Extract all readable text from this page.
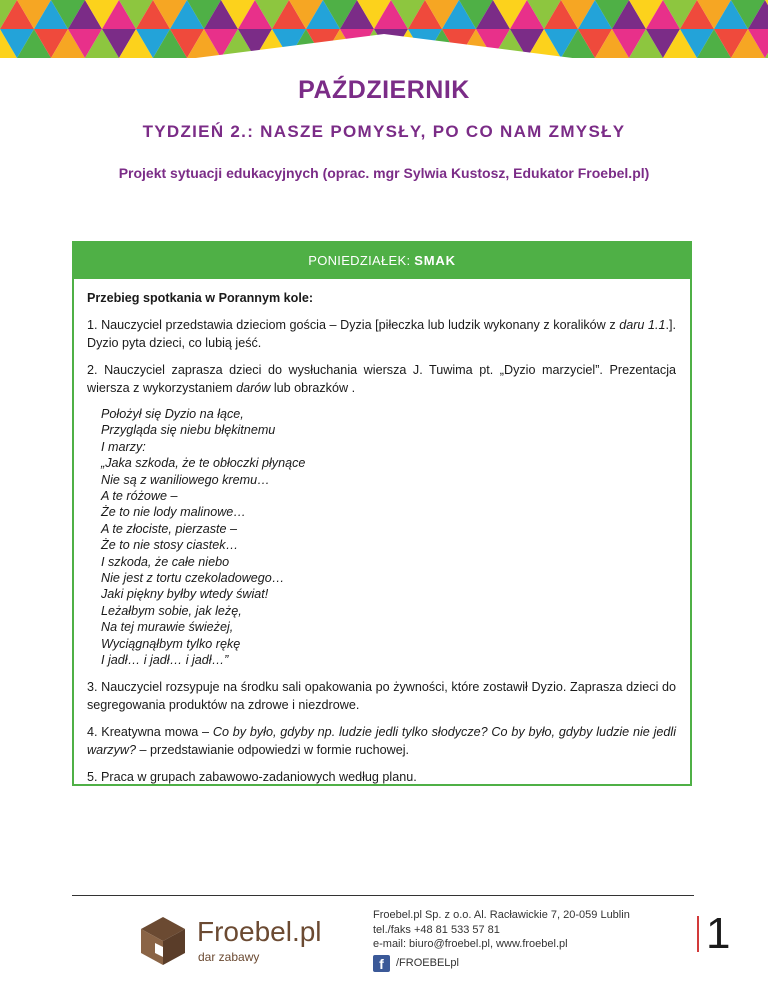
PAŹDZIERNIK
TYDZIEŃ 2.: NASZE POMYSŁY, PO CO NAM ZMYSŁY
Projekt sytuacji edukacyjnych (oprac. mgr Sylwia Kustosz, Edukator Froebel.pl)
PONIEDZIAŁEK: SMAK

Przebieg spotkania w Porannym kole:

1. Nauczyciel przedstawia dzieciom gościa – Dyzia [piłeczka lub ludzik wykonany z koralików z daru 1.1.]. Dyzio pyta dzieci, co lubią jeść.

2. Nauczyciel zaprasza dzieci do wysłuchania wiersza J. Tuwima pt. „Dyzio marzyciel”. Prezentacja wiersza z wykorzystaniem darów lub obrazków .

Położył się Dyzio na łące,
Przygląda się niebu błękitnemu
I marzy:
„Jaka szkoda, że te obłoczki płynące
Nie są z waniliowego kremu…
A te różowe –
Że to nie lody malinowe…
A te złociste, pierzaste –
Że to nie stosy ciastek…
I szkoda, że całe niebo
Nie jest z tortu czekoladowego…
Jaki piękny byłby wtedy świat!
Leżałbym sobie, jak leżę,
Na tej murawie świeżej,
Wyciągnąłbym tylko rękę
I jadł… i jadł… i jadł…”

3. Nauczyciel rozsypuje na środku sali opakowania po żywności, które zostawił Dyzio. Zaprasza dzieci do segregowania produktów na zdrowe i niezdrowe.

4. Kreatywna mowa – Co by było, gdyby np. ludzie jedli tylko słodycze? Co by było, gdyby ludzie nie jedli warzyw? – przedstawianie odpowiedzi w formie ruchowej.

5. Praca w grupach zabawowo-zadaniowych według planu.

Froebel.pl
dar zabawy
Froebel.pl Sp. z o.o. Al. Racławickie 7, 20-059 Lublin
tel./faks +48 81 533 57 81
e-mail: biuro@froebel.pl, www.froebel.pl
f	/FROEBELpl
1
